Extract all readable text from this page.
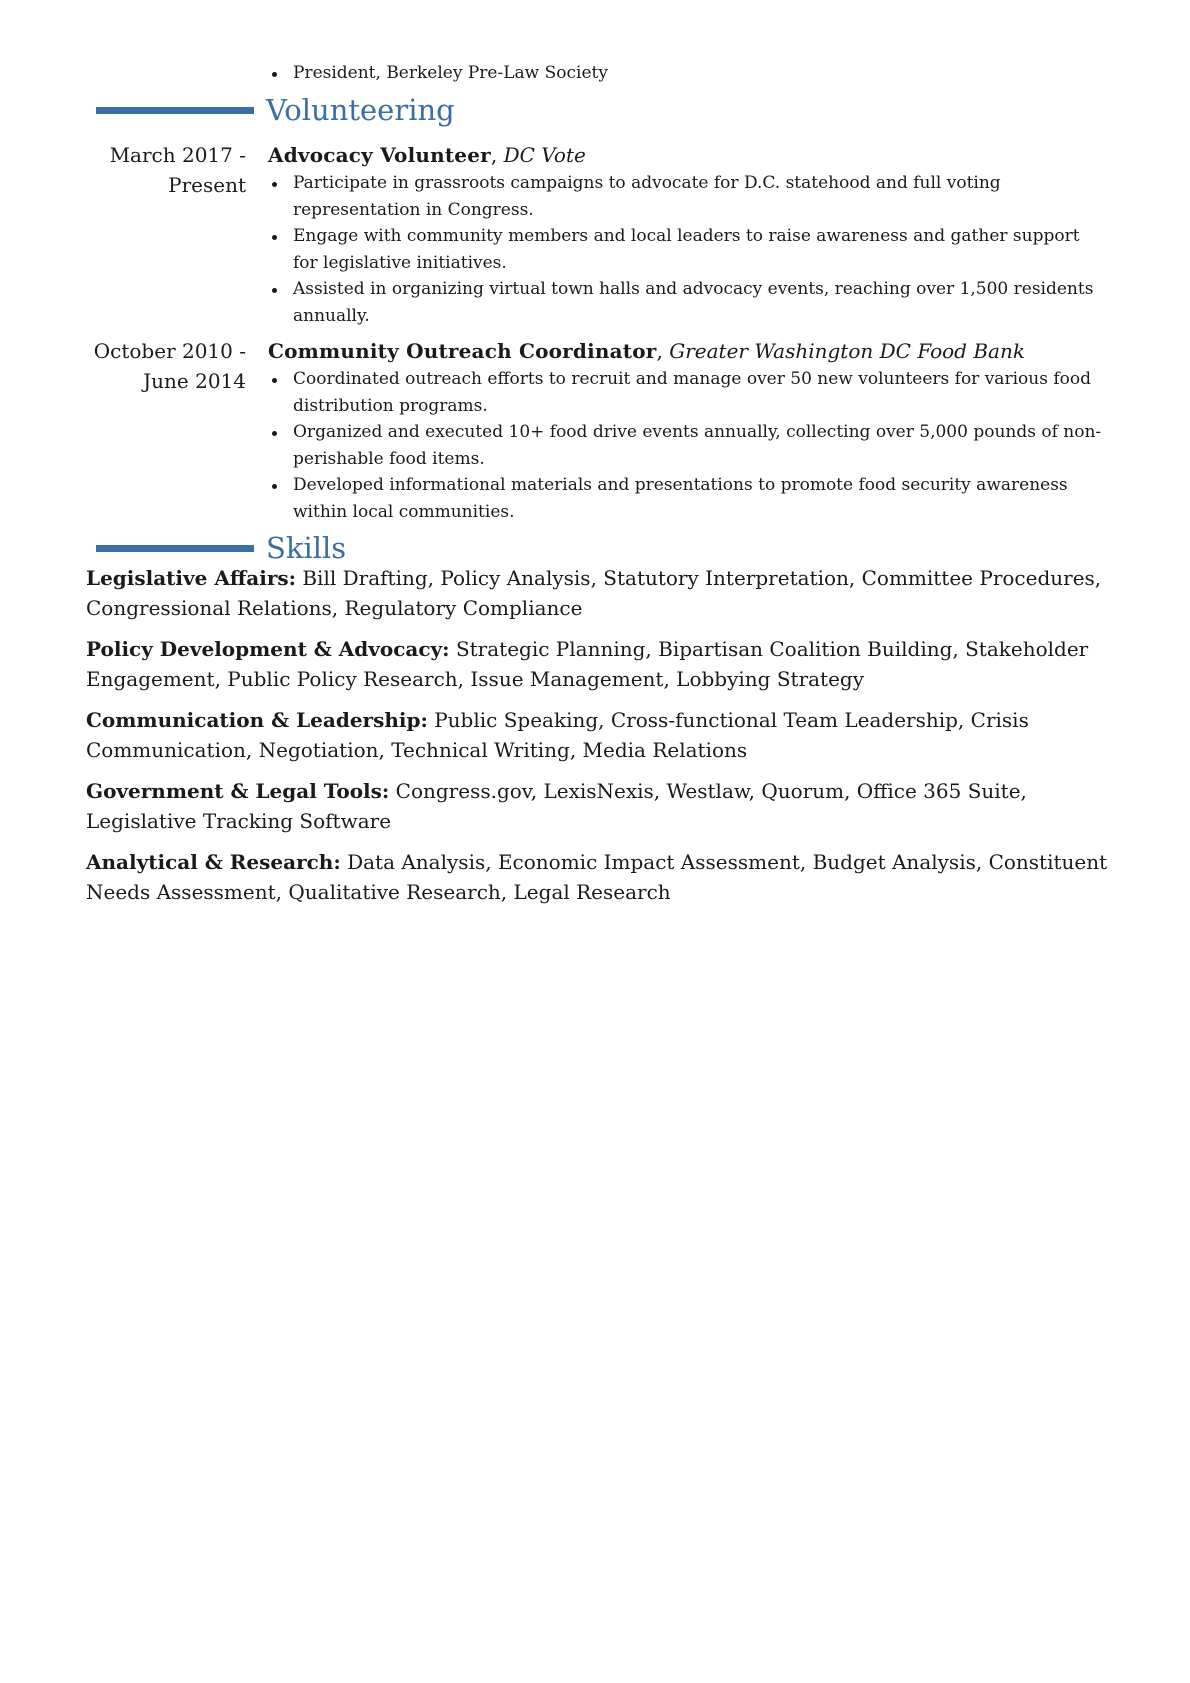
President, Berkeley Pre-Law Society
Volunteering
March 2017 -
Present
Advocacy Volunteer, DC Vote
Participate in grassroots campaigns to advocate for D.C. statehood and full voting representation in Congress.
Engage with community members and local leaders to raise awareness and gather support for legislative initiatives.
Assisted in organizing virtual town halls and advocacy events, reaching over 1,500 residents annually.
October 2010 -
June 2014
Community Outreach Coordinator, Greater Washington DC Food Bank
Coordinated outreach efforts to recruit and manage over 50 new volunteers for various food distribution programs.
Organized and executed 10+ food drive events annually, collecting over 5,000 pounds of non-perishable food items.
Developed informational materials and presentations to promote food security awareness within local communities.
Skills

Legislative Affairs: Bill Drafting, Policy Analysis, Statutory Interpretation, Committee Procedures, Congressional Relations, Regulatory Compliance

Policy Development & Advocacy: Strategic Planning, Bipartisan Coalition Building, Stakeholder Engagement, Public Policy Research, Issue Management, Lobbying Strategy

Communication & Leadership: Public Speaking, Cross-functional Team Leadership, Crisis Communication, Negotiation, Technical Writing, Media Relations

Government & Legal Tools: Congress.gov, LexisNexis, Westlaw, Quorum, Office 365 Suite, Legislative Tracking Software

Analytical & Research: Data Analysis, Economic Impact Assessment, Budget Analysis, Constituent Needs Assessment, Qualitative Research, Legal Research
